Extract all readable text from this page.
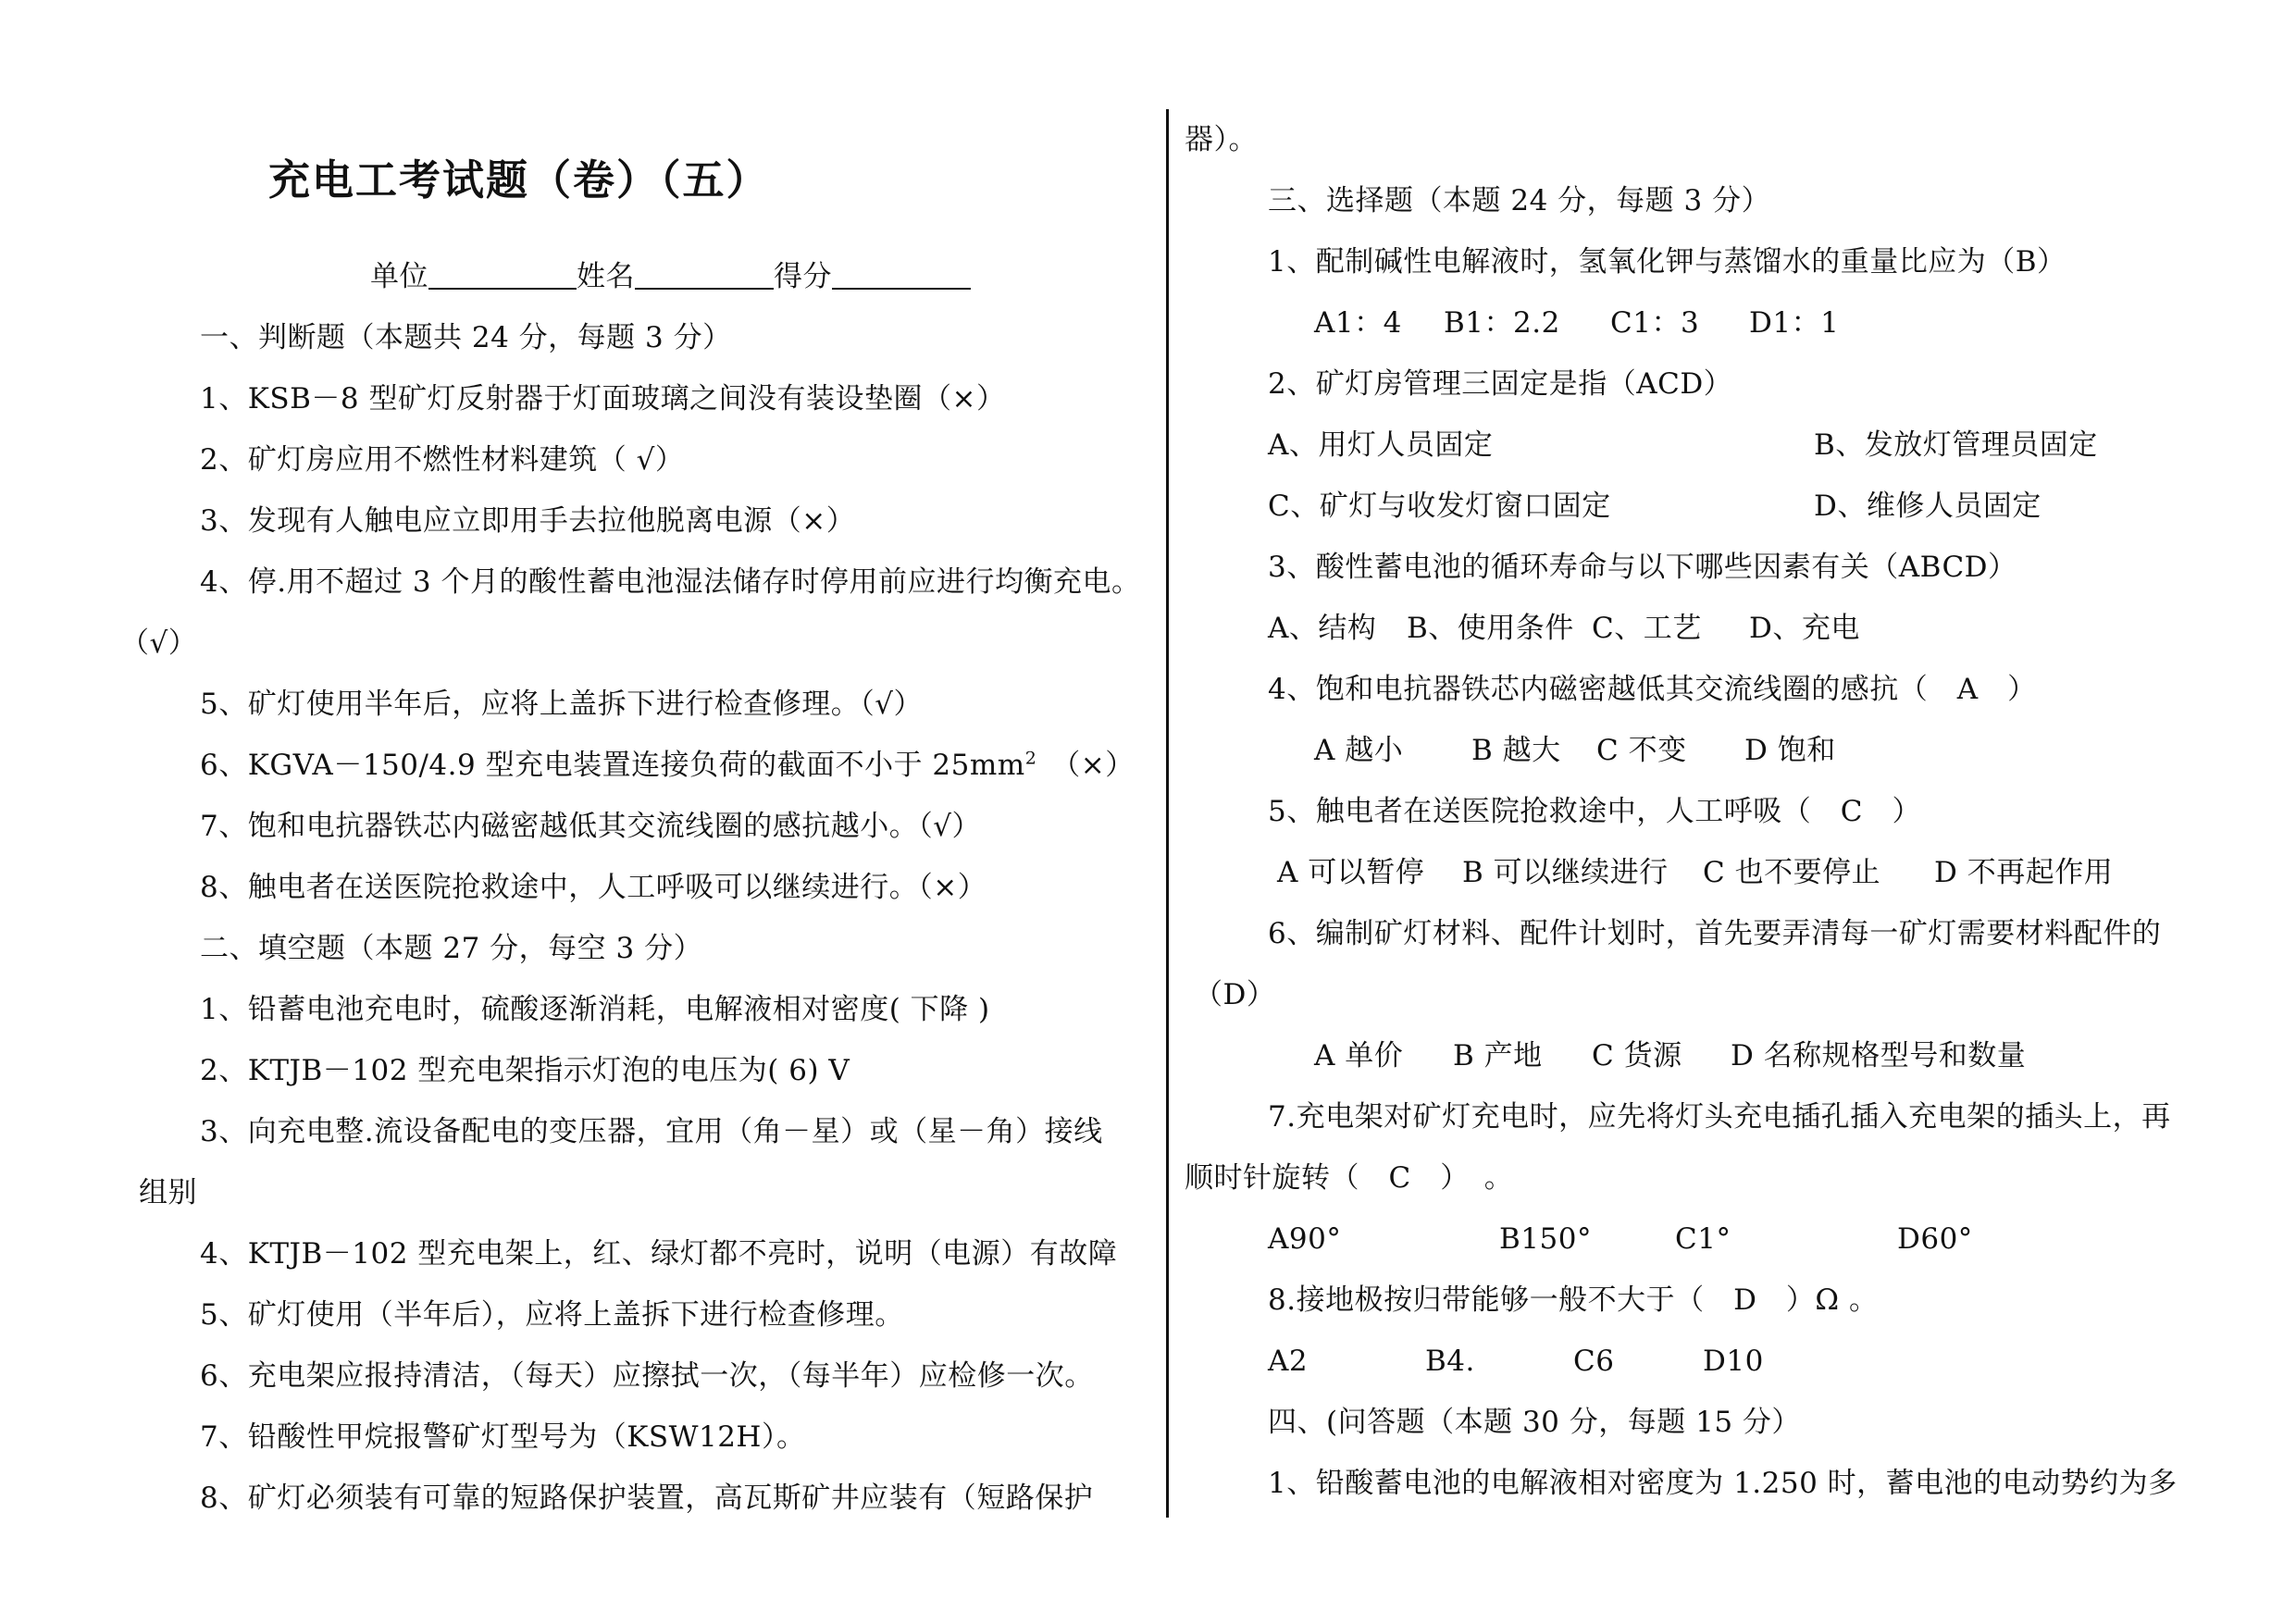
充电工考试题（卷）（五）
单位	姓名	得分
一、判断题（本题共 24 分，每题 3 分）
1、KSB－8 型矿灯反射器于灯面玻璃之间没有装设垫圈（×）
2、矿灯房应用不燃性材料建筑（ √）
3、发现有人触电应立即用手去拉他脱离电源（×）
4、停.用不超过 3 个月的酸性蓄电池湿法储存时停用前应进行均衡充电。
（√）
5、矿灯使用半年后，应将上盖拆下进行检查修理。（√）
6、KGVA－150/4.9 型充电装置连接负荷的截面不小于 $25mm^2$　（×）
7、饱和电抗器铁芯内磁密越低其交流线圈的感抗越小。（√）
8、触电者在送医院抢救途中，人工呼吸可以继续进行。（×）
二、填空题（本题 27 分，每空 3 分）
1、铅蓄电池充电时，硫酸逐渐消耗，电解液相对密度( 下降 )
2、KTJB－102 型充电架指示灯泡的电压为( 6) V
3、向充电整.流设备配电的变压器，宜用（角－星）或（星－角）接线
组别
4、KTJB－102 型充电架上，红、绿灯都不亮时，说明（电源）有故障
5、矿灯使用（半年后），应将上盖拆下进行检查修理。
6、充电架应报持清洁，（每天）应擦拭一次，（每半年）应检修一次。
7、铅酸性甲烷报警矿灯型号为（KSW12H）。
8、矿灯必须装有可靠的短路保护装置，高瓦斯矿井应装有（短路保护
器）。
三、选择题（本题 24 分，每题 3 分）
1、配制碱性电解液时，氢氧化钾与蒸馏水的重量比应为（B）
A1：4 B1：2.2 C1：3 D1：1
2、矿灯房管理三固定是指（ACD）
A、用灯人员固定	B、发放灯管理员固定
C、矿灯与收发灯窗口固定	D、维修人员固定
3、酸性蓄电池的循环寿命与以下哪些因素有关（ABCD）
A、结构 B、使用条件 C、工艺 D、充电
4、饱和电抗器铁芯内磁密越低其交流线圈的感抗（　A　）
A 越小 B 越大 C 不变 D 饱和
5、触电者在送医院抢救途中，人工呼吸（　C　）
A 可以暂停 B 可以继续进行 C 也不要停止 D 不再起作用
6、编制矿灯材料、配件计划时，首先要弄清每一矿灯需要材料配件的
（D）
A 单价 B 产地 C 货源 D 名称规格型号和数量
7.充电架对矿灯充电时，应先将灯头充电插孔插入充电架的插头上，再
顺时针旋转（　C　）　。
A90°	B150°	C1°	D60°
8.接地极按归带能够一般不大于（　D　）Ω 。
A2	B4.	C6	D10
四、(问答题（本题 30 分，每题 15 分）
1、铅酸蓄电池的电解液相对密度为 1.250 时，蓄电池的电动势约为多
